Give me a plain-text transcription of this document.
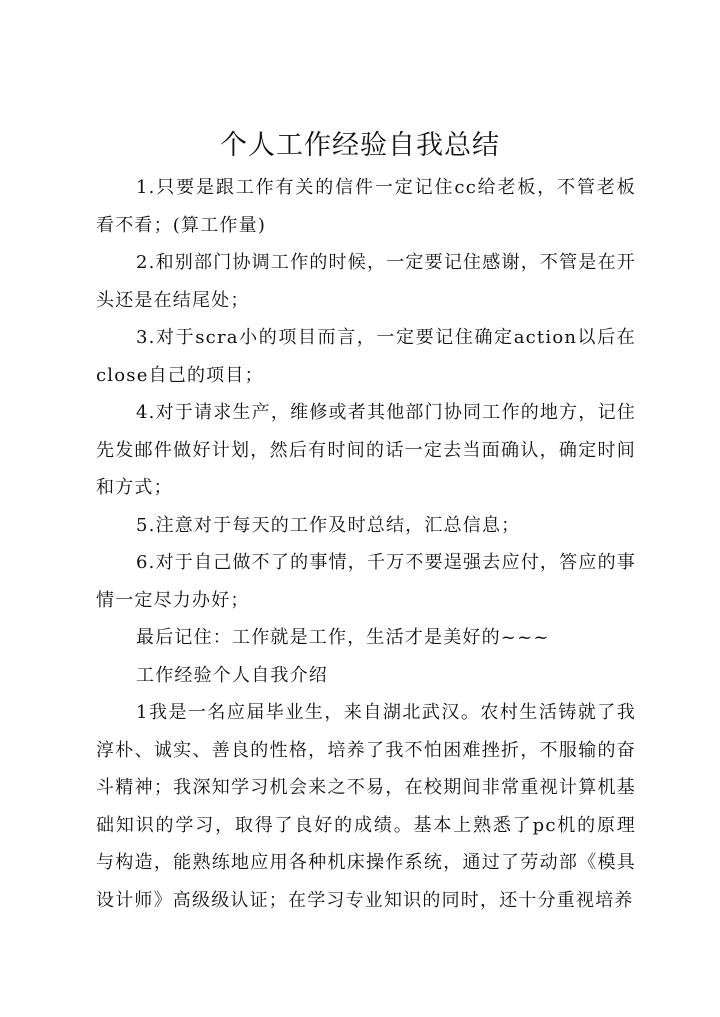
个人工作经验自我总结

1.只要是跟工作有关的信件一定记住cc给老板，不管老板看不看；(算工作量)

2.和别部门协调工作的时候，一定要记住感谢，不管是在开头还是在结尾处；

3.对于scra小的项目而言，一定要记住确定action以后在close自己的项目；

4.对于请求生产，维修或者其他部门协同工作的地方，记住先发邮件做好计划，然后有时间的话一定去当面确认，确定时间和方式；

5.注意对于每天的工作及时总结，汇总信息；

6.对于自己做不了的事情，千万不要逞强去应付，答应的事情一定尽力办好；

最后记住：工作就是工作，生活才是美好的~~~

工作经验个人自我介绍

1我是一名应届毕业生，来自湖北武汉。农村生活铸就了我淳朴、诚实、善良的性格，培养了我不怕困难挫折，不服输的奋斗精神；我深知学习机会来之不易，在校期间非常重视计算机基础知识的学习，取得了良好的成绩。基本上熟悉了pc机的原理与构造，能熟练地应用各种机床操作系统，通过了劳动部《模具设计师》高级级认证；在学习专业知识的同时，还十分重视培养
